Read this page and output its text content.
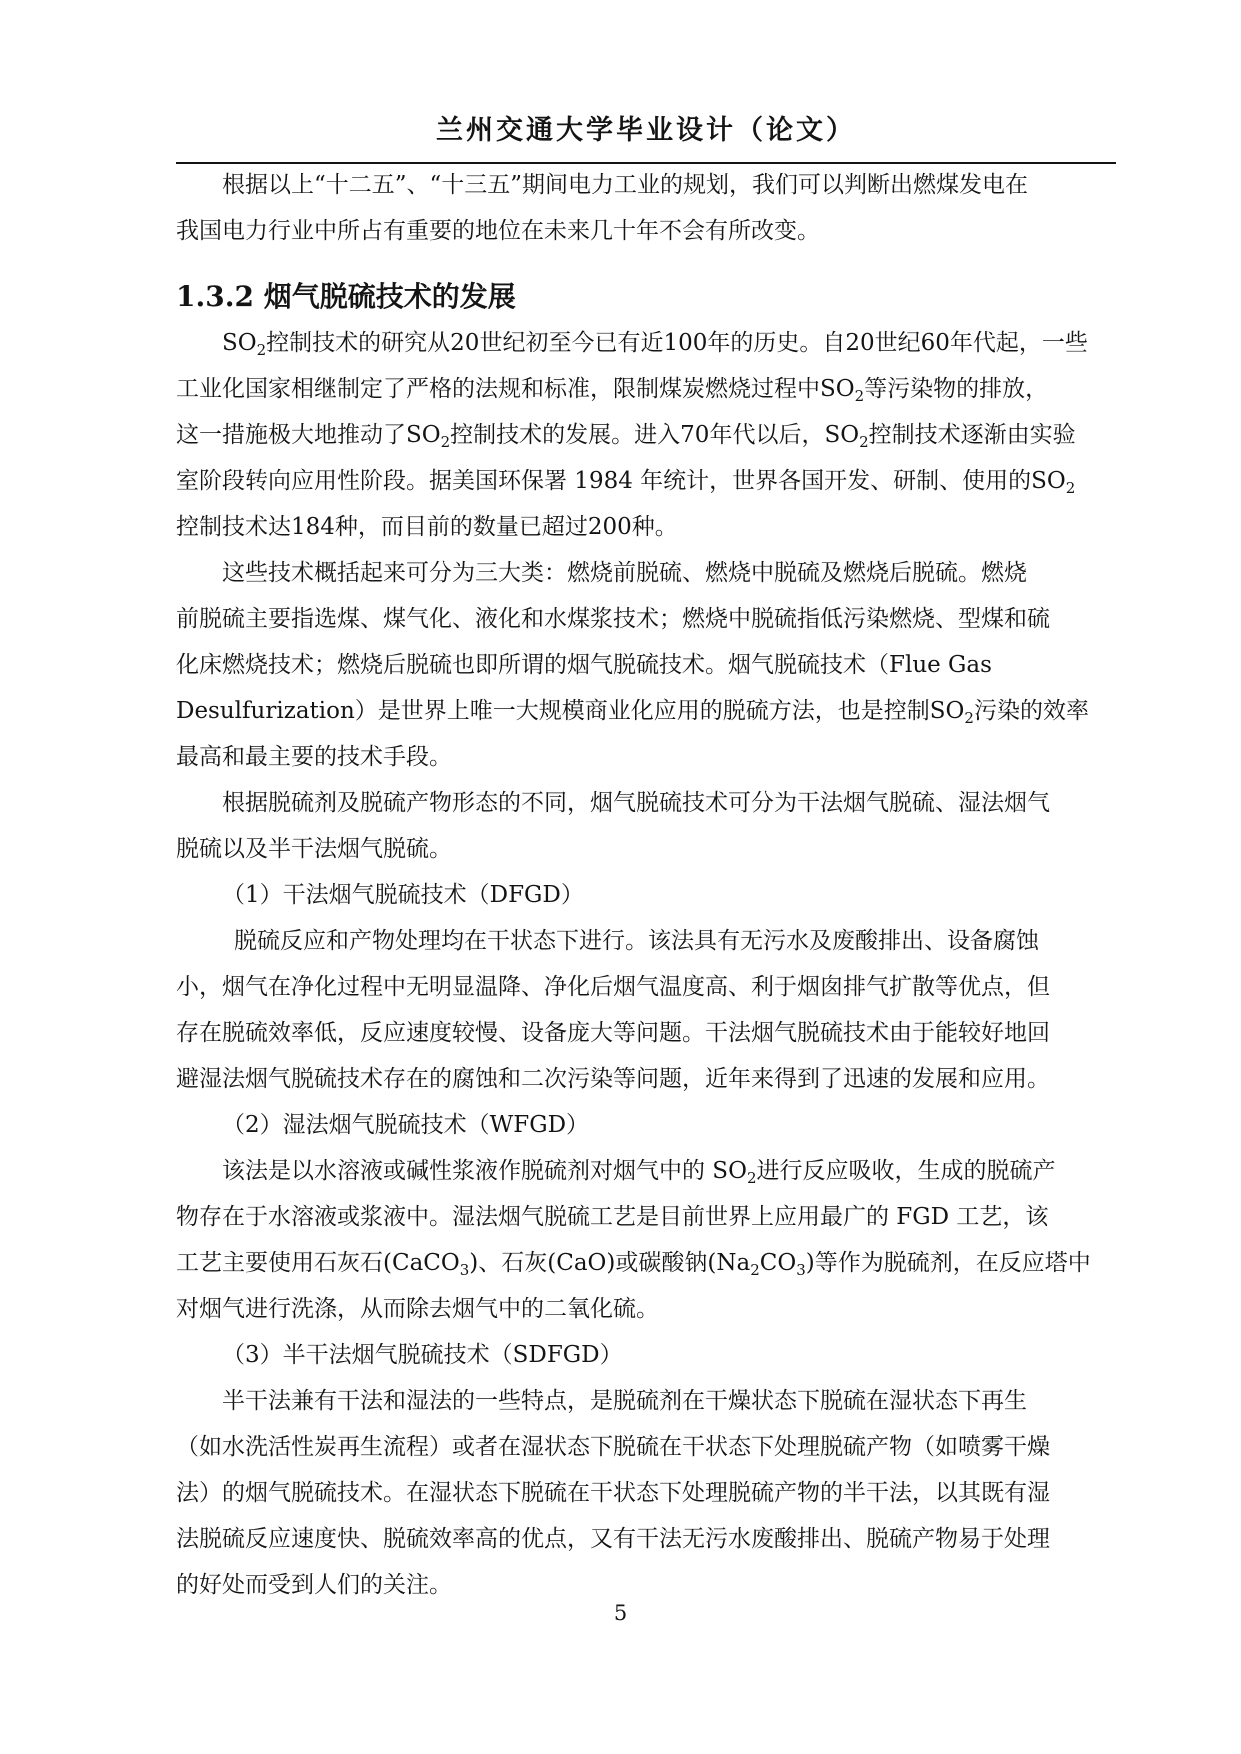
兰州交通大学毕业设计（论文）
根据以上“十二五”、“十三五”期间电力工业的规划，我们可以判断出燃煤发电在
我国电力行业中所占有重要的地位在未来几十年不会有所改变。
1.3.2 烟气脱硫技术的发展
$SO_2$控制技术的研究从20世纪初至今已有近100年的历史。自20世纪60年代起，一些
工业化国家相继制定了严格的法规和标准，限制煤炭燃烧过程中$SO_2$等污染物的排放，
这一措施极大地推动了$SO_2$控制技术的发展。进入70年代以后，$SO_2$控制技术逐渐由实验
室阶段转向应用性阶段。据美国环保署 1984 年统计，世界各国开发、研制、使用的$SO_2$
控制技术达184种，而目前的数量已超过200种。
这些技术概括起来可分为三大类：燃烧前脱硫、燃烧中脱硫及燃烧后脱硫。燃烧
前脱硫主要指选煤、煤气化、液化和水煤浆技术；燃烧中脱硫指低污染燃烧、型煤和硫
化床燃烧技术；燃烧后脱硫也即所谓的烟气脱硫技术。烟气脱硫技术（Flue Gas
Desulfurization）是世界上唯一大规模商业化应用的脱硫方法，也是控制$SO_2$污染的效率
最高和最主要的技术手段。
根据脱硫剂及脱硫产物形态的不同，烟气脱硫技术可分为干法烟气脱硫、湿法烟气
脱硫以及半干法烟气脱硫。
（1）干法烟气脱硫技术（DFGD）
脱硫反应和产物处理均在干状态下进行。该法具有无污水及废酸排出、设备腐蚀
小，烟气在净化过程中无明显温降、净化后烟气温度高、利于烟囱排气扩散等优点，但
存在脱硫效率低，反应速度较慢、设备庞大等问题。干法烟气脱硫技术由于能较好地回
避湿法烟气脱硫技术存在的腐蚀和二次污染等问题，近年来得到了迅速的发展和应用。
（2）湿法烟气脱硫技术（WFGD）
该法是以水溶液或碱性浆液作脱硫剂对烟气中的 $SO_2$进行反应吸收，生成的脱硫产
物存在于水溶液或浆液中。湿法烟气脱硫工艺是目前世界上应用最广的 FGD 工艺，该
工艺主要使用石灰石(CaCO$_3$)、石灰(CaO)或碳酸钠$(Na_2CO_3)$等作为脱硫剂，在反应塔中
对烟气进行洗涤，从而除去烟气中的二氧化硫。
（3）半干法烟气脱硫技术（SDFGD）
半干法兼有干法和湿法的一些特点，是脱硫剂在干燥状态下脱硫在湿状态下再生
（如水洗活性炭再生流程）或者在湿状态下脱硫在干状态下处理脱硫产物（如喷雾干燥
法）的烟气脱硫技术。在湿状态下脱硫在干状态下处理脱硫产物的半干法，以其既有湿
法脱硫反应速度快、脱硫效率高的优点，又有干法无污水废酸排出、脱硫产物易于处理
的好处而受到人们的关注。
5
